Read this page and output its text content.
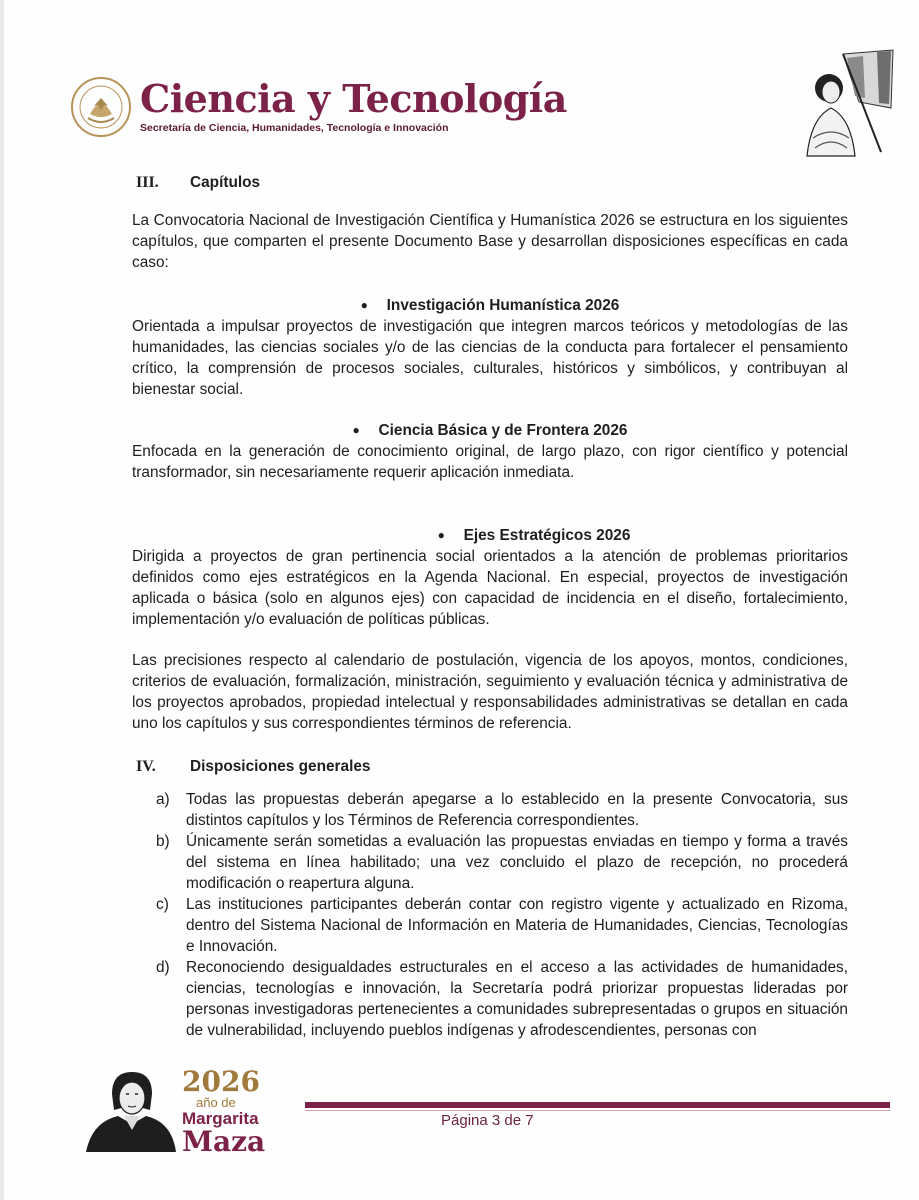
Ciencia y Tecnología
Secretaría de Ciencia, Humanidades, Tecnología e Innovación
III.	Capítulos

La Convocatoria Nacional de Investigación Científica y Humanística 2026 se estructura en los siguientes capítulos, que comparten el presente Documento Base y desarrollan disposiciones específicas en cada caso:

● Investigación Humanística 2026

Orientada a impulsar proyectos de investigación que integren marcos teóricos y metodologías de las humanidades, las ciencias sociales y/o de las ciencias de la conducta para fortalecer el pensamiento crítico, la comprensión de procesos sociales, culturales, históricos y simbólicos, y contribuyan al bienestar social.

● Ciencia Básica y de Frontera 2026

Enfocada en la generación de conocimiento original, de largo plazo, con rigor científico y potencial transformador, sin necesariamente requerir aplicación inmediata.

● Ejes Estratégicos 2026

Dirigida a proyectos de gran pertinencia social orientados a la atención de problemas prioritarios definidos como ejes estratégicos en la Agenda Nacional. En especial, proyectos de investigación aplicada o básica (solo en algunos ejes) con capacidad de incidencia en el diseño, fortalecimiento, implementación y/o evaluación de políticas públicas.

Las precisiones respecto al calendario de postulación, vigencia de los apoyos, montos, condiciones, criterios de evaluación, formalización, ministración, seguimiento y evaluación técnica y administrativa de los proyectos aprobados, propiedad intelectual y responsabilidades administrativas se detallan en cada uno los capítulos y sus correspondientes términos de referencia.

IV.	Disposiciones generales
a)	Todas las propuestas deberán apegarse a lo establecido en la presente Convocatoria, sus distintos capítulos y los Términos de Referencia correspondientes.
b)	Únicamente serán sometidas a evaluación las propuestas enviadas en tiempo y forma a través del sistema en línea habilitado; una vez concluido el plazo de recepción, no procederá modificación o reapertura alguna.
c)	Las instituciones participantes deberán contar con registro vigente y actualizado en Rizoma, dentro del Sistema Nacional de Información en Materia de Humanidades, Ciencias, Tecnologías e Innovación.
d)	Reconociendo desigualdades estructurales en el acceso a las actividades de humanidades, ciencias, tecnologías e innovación, la Secretaría podrá priorizar propuestas lideradas por personas investigadoras pertenecientes a comunidades subrepresentadas o grupos en situación de vulnerabilidad, incluyendo pueblos indígenas y afrodescendientes, personas con
2026
año de
Margarita
Maza
Página 3 de 7
